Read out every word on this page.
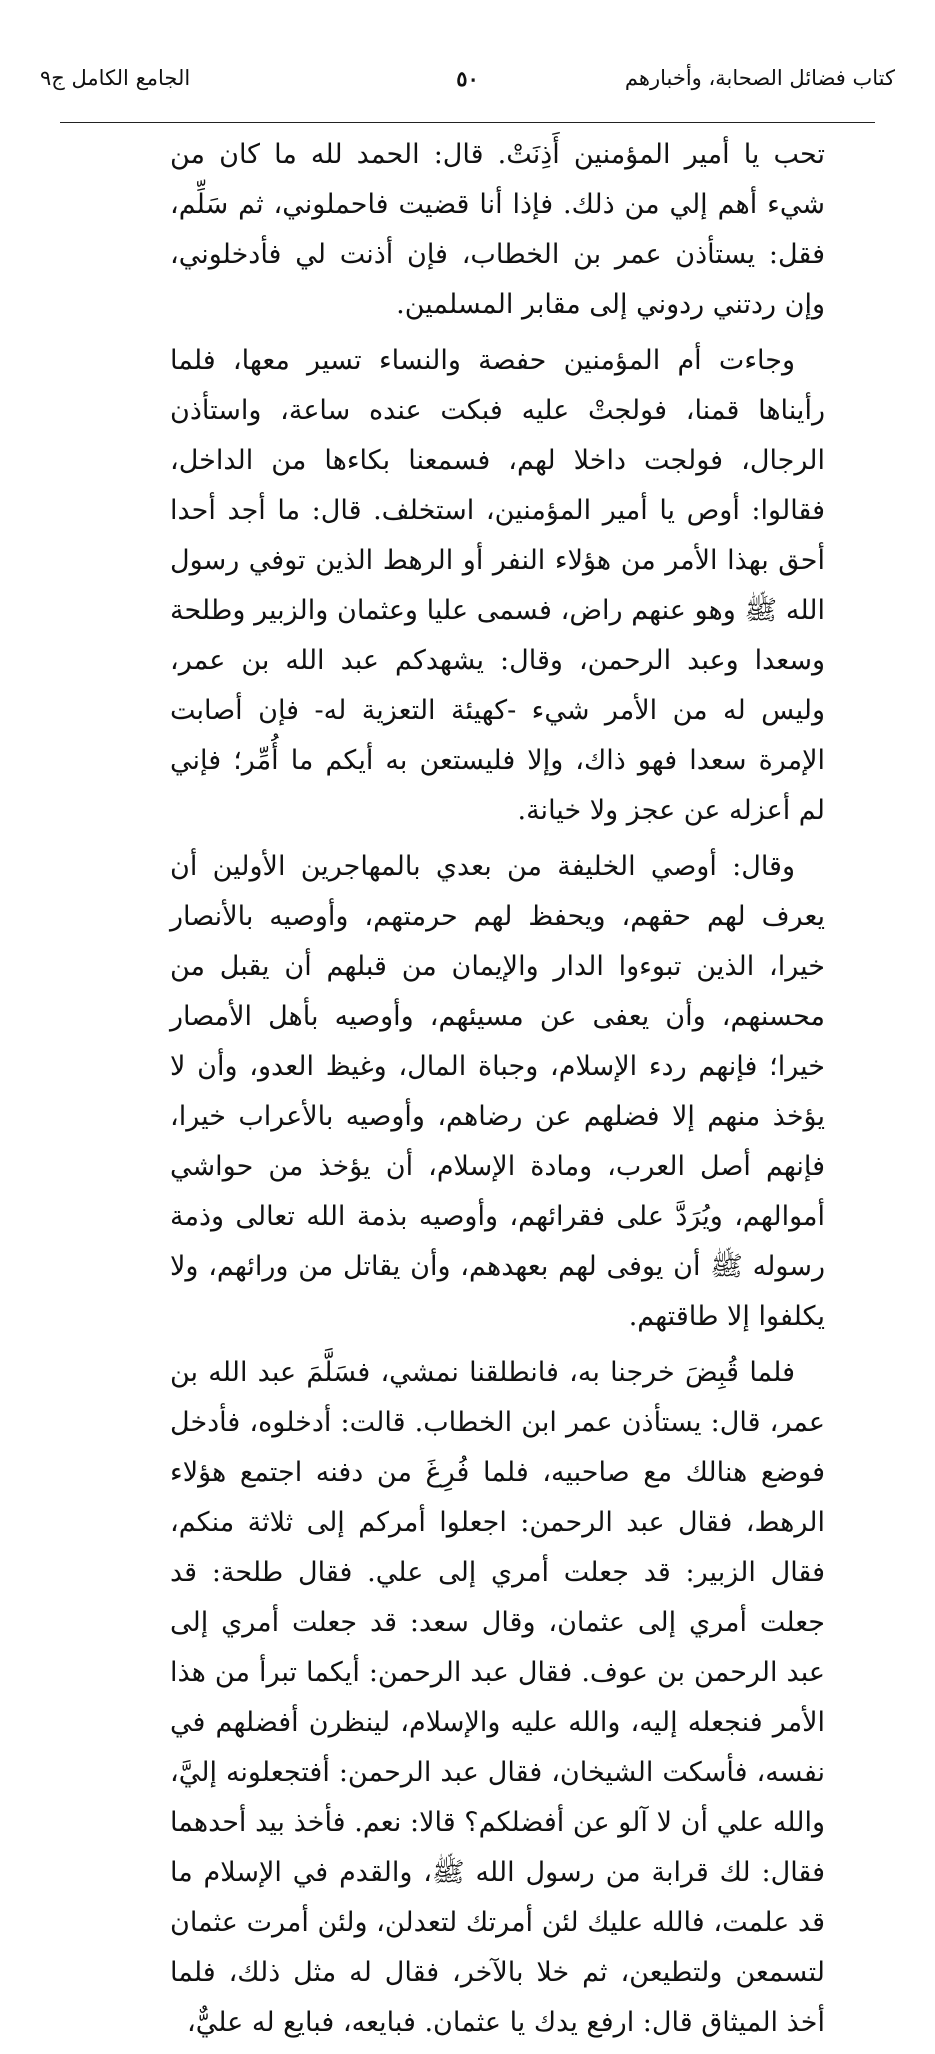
كتاب فضائل الصحابة، وأخبارهم
٥٠
الجامع الكامل ج٩

تحب يا أمير المؤمنين أَذِنَتْ. قال: الحمد لله ما كان من شيء أهم إلي من ذلك. فإذا أنا قضيت فاحملوني، ثم سَلِّم، فقل: يستأذن عمر بن الخطاب، فإن أذنت لي فأدخلوني، وإن ردتني ردوني إلى مقابر المسلمين.

وجاءت أم المؤمنين حفصة والنساء تسير معها، فلما رأيناها قمنا، فولجتْ عليه فبكت عنده ساعة، واستأذن الرجال، فولجت داخلا لهم، فسمعنا بكاءها من الداخل، فقالوا: أوص يا أمير المؤمنين، استخلف. قال: ما أجد أحدا أحق بهذا الأمر من هؤلاء النفر أو الرهط الذين توفي رسول الله ﷺ وهو عنهم راض، فسمى عليا وعثمان والزبير وطلحة وسعدا وعبد الرحمن، وقال: يشهدكم عبد الله بن عمر، وليس له من الأمر شيء -كهيئة التعزية له- فإن أصابت الإمرة سعدا فهو ذاك، وإلا فليستعن به أيكم ما أُمِّر؛ فإني لم أعزله عن عجز ولا خيانة.

وقال: أوصي الخليفة من بعدي بالمهاجرين الأولين أن يعرف لهم حقهم، ويحفظ لهم حرمتهم، وأوصيه بالأنصار خيرا، الذين تبوءوا الدار والإيمان من قبلهم أن يقبل من محسنهم، وأن يعفى عن مسيئهم، وأوصيه بأهل الأمصار خيرا؛ فإنهم ردء الإسلام، وجباة المال، وغيظ العدو، وأن لا يؤخذ منهم إلا فضلهم عن رضاهم، وأوصيه بالأعراب خيرا، فإنهم أصل العرب، ومادة الإسلام، أن يؤخذ من حواشي أموالهم، ويُرَدَّ على فقرائهم، وأوصيه بذمة الله تعالى وذمة رسوله ﷺ أن يوفى لهم بعهدهم، وأن يقاتل من ورائهم، ولا يكلفوا إلا طاقتهم.

فلما قُبِضَ خرجنا به، فانطلقنا نمشي، فسَلَّمَ عبد الله بن عمر، قال: يستأذن عمر ابن الخطاب. قالت: أدخلوه، فأدخل فوضع هنالك مع صاحبيه، فلما فُرِغَ من دفنه اجتمع هؤلاء الرهط، فقال عبد الرحمن: اجعلوا أمركم إلى ثلاثة منكم، فقال الزبير: قد جعلت أمري إلى علي. فقال طلحة: قد جعلت أمري إلى عثمان، وقال سعد: قد جعلت أمري إلى عبد الرحمن بن عوف. فقال عبد الرحمن: أيكما تبرأ من هذا الأمر فنجعله إليه، والله عليه والإسلام، لينظرن أفضلهم في نفسه، فأسكت الشيخان، فقال عبد الرحمن: أفتجعلونه إليَّ، والله علي أن لا آلو عن أفضلكم؟ قالا: نعم. فأخذ بيد أحدهما فقال: لك قرابة من رسول الله ﷺ، والقدم في الإسلام ما قد علمت، فالله عليك لئن أمرتك لتعدلن، ولئن أمرت عثمان لتسمعن ولتطيعن، ثم خلا بالآخر، فقال له مثل ذلك، فلما أخذ الميثاق قال: ارفع يدك يا عثمان. فبايعه، فبايع له عليٌّ،
